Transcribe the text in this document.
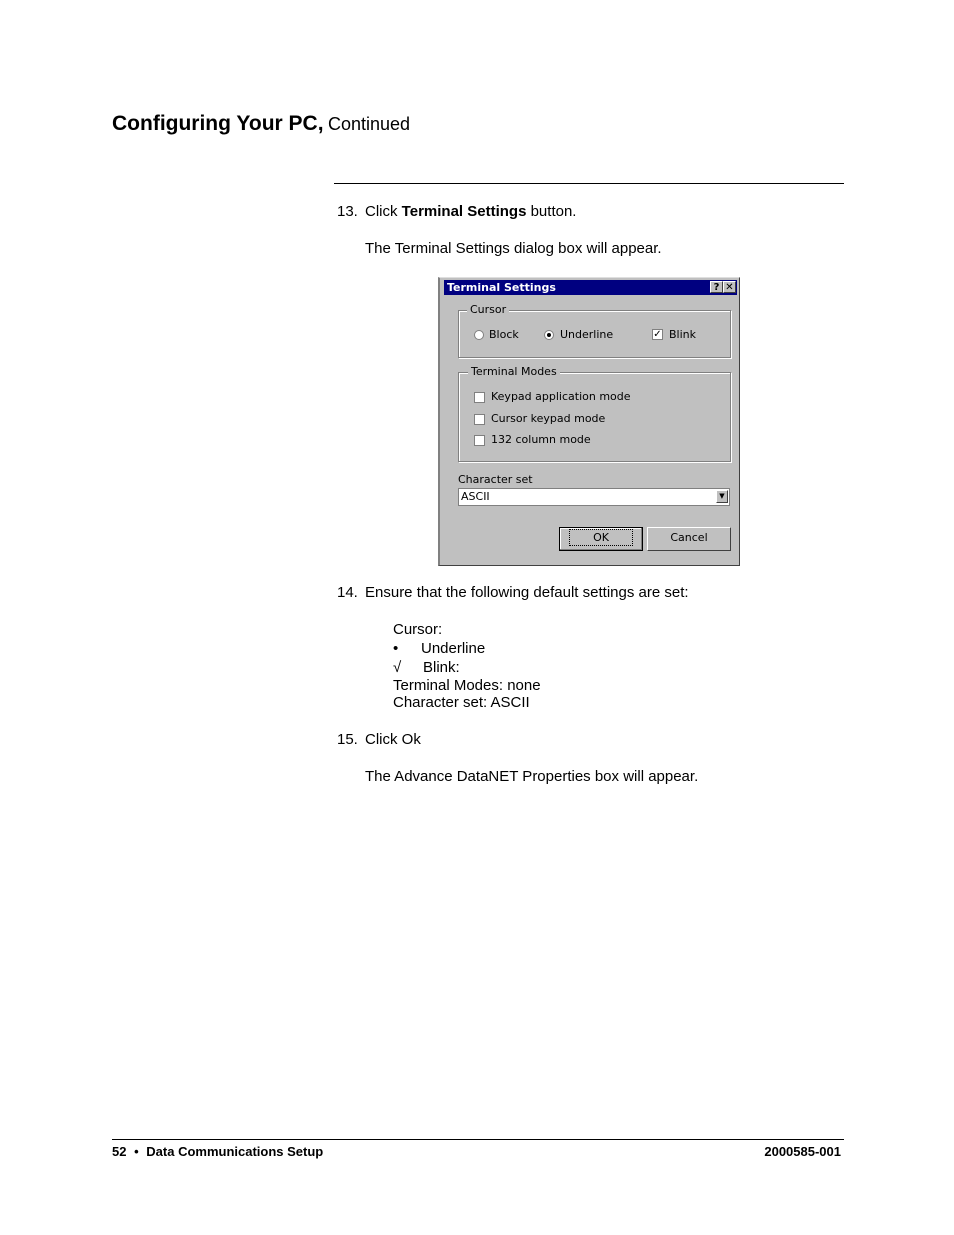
Configuring Your PC, Continued
13. Click Terminal Settings button.
The Terminal Settings dialog box will appear.
Terminal Settings	? ✕
Cursor
Block	Underline	✓ Blink
Terminal Modes
Keypad application mode
Cursor keypad mode
132 column mode
Character set
ASCII	▼
OK	Cancel
14. Ensure that the following default settings are set:
Cursor:
• Underline
√ Blink:
Terminal Modes: none
Character set: ASCII
15. Click Ok
The Advance DataNET Properties box will appear.
52 • Data Communications Setup	2000585-001
